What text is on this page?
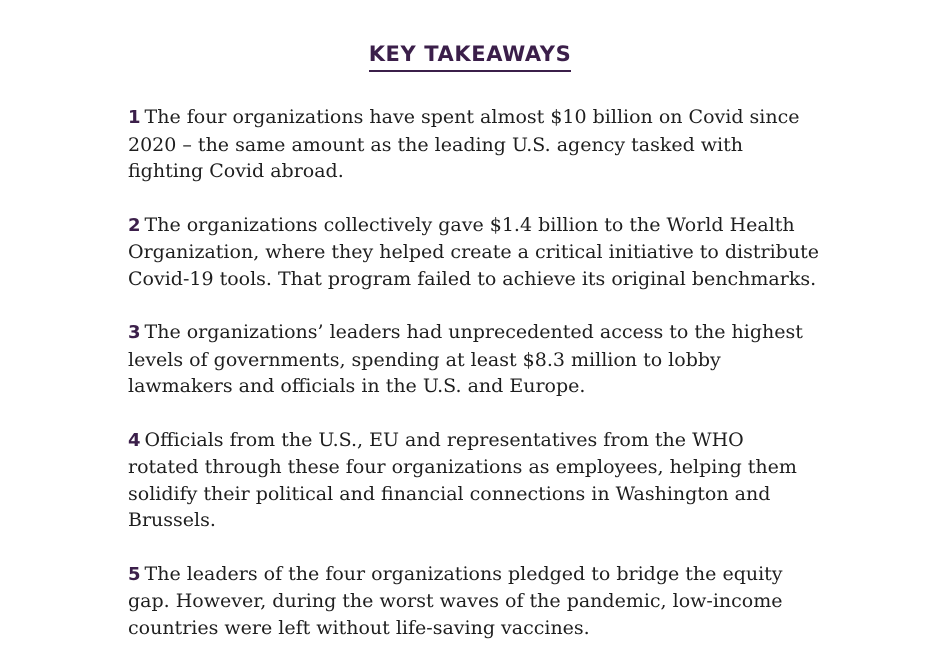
KEY TAKEAWAYS

1 The four organizations have spent almost $10 billion on Covid since
2020 – the same amount as the leading U.S. agency tasked with
fighting Covid abroad.

2 The organizations collectively gave $1.4 billion to the World Health
Organization, where they helped create a critical initiative to distribute
Covid-19 tools. That program failed to achieve its original benchmarks.

3 The organizations’ leaders had unprecedented access to the highest
levels of governments, spending at least $8.3 million to lobby
lawmakers and officials in the U.S. and Europe.

4 Officials from the U.S., EU and representatives from the WHO
rotated through these four organizations as employees, helping them
solidify their political and financial connections in Washington and
Brussels.

5 The leaders of the four organizations pledged to bridge the equity
gap. However, during the worst waves of the pandemic, low-income
countries were left without life-saving vaccines.
